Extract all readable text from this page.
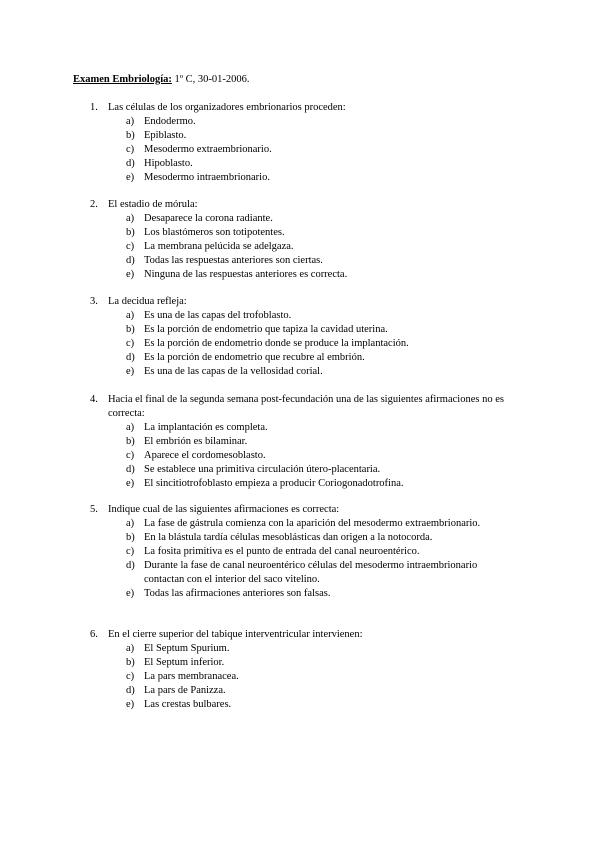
Examen Embriología: 1º C, 30-01-2006.
1. Las células de los organizadores embrionarios proceden:
a) Endodermo.
b) Epiblasto.
c) Mesodermo extraembrionario.
d) Hipoblasto.
e) Mesodermo intraembrionario.
2. El estadio de mórula:
a) Desaparece la corona radiante.
b) Los blastómeros son totipotentes.
c) La membrana pelúcida se adelgaza.
d) Todas las respuestas anteriores son ciertas.
e) Ninguna de las respuestas anteriores es correcta.
3. La decidua refleja:
a) Es una de las capas del trofoblasto.
b) Es la porción de endometrio que tapiza la cavidad uterina.
c) Es la porción de endometrio donde se produce la implantación.
d) Es la porción de endometrio que recubre al embrión.
e) Es una de las capas de la vellosidad corial.
4. Hacia el final de la segunda semana post-fecundación una de las siguientes afirmaciones no es correcta:
a) La implantación es completa.
b) El embrión es bilaminar.
c) Aparece el cordomesoblasto.
d) Se establece una primitiva circulación útero-placentaria.
e) El sincitiotrofoblasto empieza a producir Coriogonadotrofina.
5. Indique cual de las siguientes afirmaciones es correcta:
a) La fase de gástrula comienza con la aparición del mesodermo extraembrionario.
b) En la blástula tardía células mesoblásticas dan origen a la notocorda.
c) La fosita primitiva es el punto de entrada del canal neuroentérico.
d) Durante la fase de canal neuroentérico células del mesodermo intraembrionario contactan con el interior del saco vitelino.
e) Todas las afirmaciones anteriores son falsas.
6. En el cierre superior del tabique interventricular intervienen:
a) El Septum Spurium.
b) El Septum inferior.
c) La pars membranacea.
d) La pars de Panizza.
e) Las crestas bulbares.
